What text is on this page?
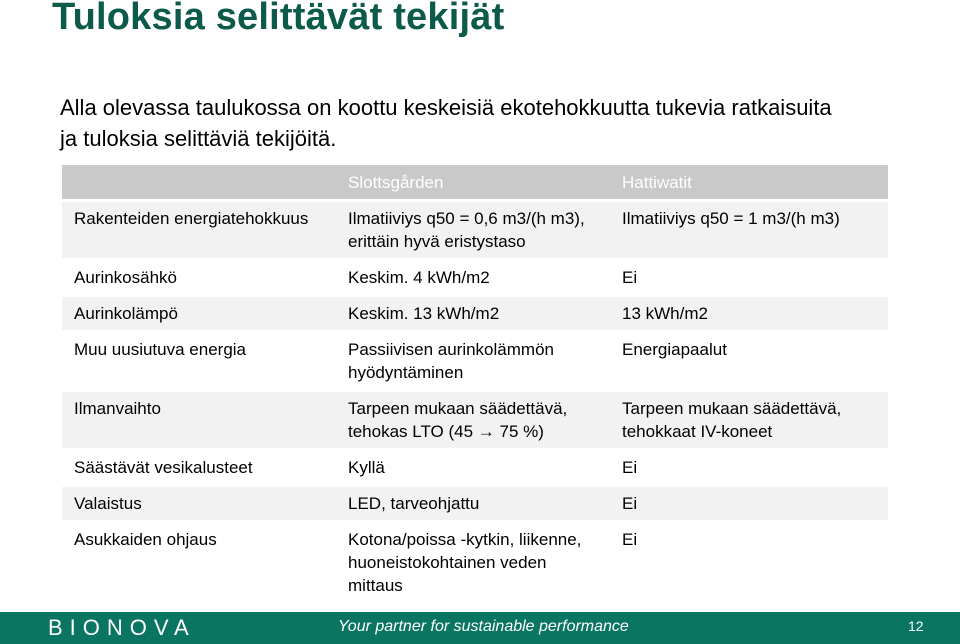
Tuloksia selittävät tekijät
Alla olevassa taulukossa on koottu keskeisiä ekotehokkuutta tukevia ratkaisuita ja tuloksia selittäviä tekijöitä.
	Slottsgården	Hattiwatit
Rakenteiden energiatehokkuus	Ilmatiiviys q50 = 0,6 m3/(h m3), erittäin hyvä eristystaso	Ilmatiiviys q50 = 1 m3/(h m3)
Aurinkosähkö	Keskim. 4 kWh/m2	Ei
Aurinkolämpö	Keskim. 13 kWh/m2	13 kWh/m2
Muu uusiutuva energia	Passiivisen aurinkolämmön hyödyntäminen	Energiapaalut
Ilmanvaihto	Tarpeen mukaan säädettävä, tehokas LTO (45 → 75 %)	Tarpeen mukaan säädettävä, tehokkaat IV-koneet
Säästävät vesikalusteet	Kyllä	Ei
Valaistus	LED, tarveohjattu	Ei
Asukkaiden ohjaus	Kotona/poissa -kytkin, liikenne, huoneistokohtainen veden mittaus	Ei
BIONOVA	Your partner for sustainable performance	12
